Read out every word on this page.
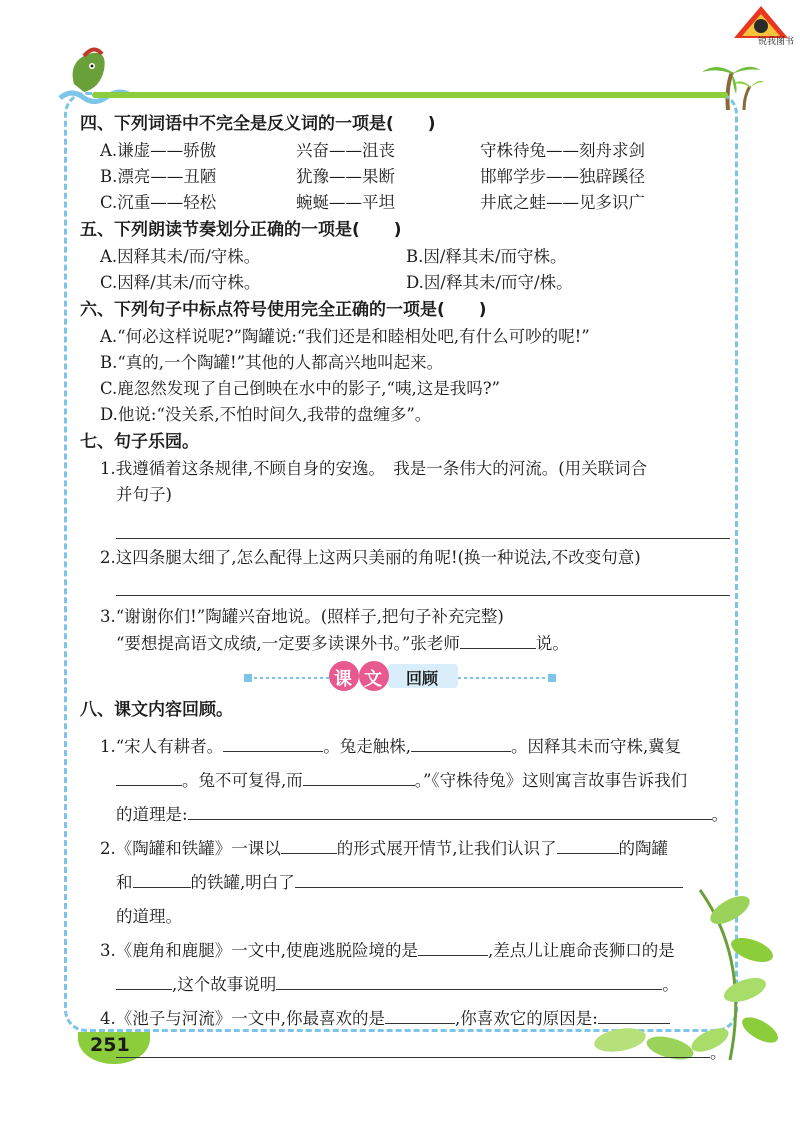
锐我图书
251
四、下列词语中不完全是反义词的一项是(　　)
A.谦虚——骄傲	兴奋——沮丧	守株待兔——刻舟求剑
B.漂亮——丑陋	犹豫——果断	邯郸学步——独辟蹊径
C.沉重——轻松	蜿蜒——平坦	井底之蛙——见多识广
五、下列朗读节奏划分正确的一项是(　　)
A.因释其未/而/守株。	B.因/释其未/而守株。
C.因释/其未/而守株。	D.因/释其未/而守/株。
六、下列句子中标点符号使用完全正确的一项是(　　)
A.“何必这样说呢?”陶罐说:“我们还是和睦相处吧,有什么可吵的呢!”
B.“真的,一个陶罐!”其他的人都高兴地叫起来。
C.鹿忽然发现了自己倒映在水中的影子,“咦,这是我吗?”
D.他说:“没关系,不怕时间久,我带的盘缠多”。
七、句子乐园。
1.我遵循着这条规律,不顾自身的安逸。　我是一条伟大的河流。(用关联词合
并句子)
2.这四条腿太细了,怎么配得上这两只美丽的角呢!(换一种说法,不改变句意)
3.“谢谢你们!”陶罐兴奋地说。(照样子,把句子补充完整)
“要想提高语文成绩,一定要多读课外书。”张老师	说。
课 文 回顾
八、课文内容回顾。
1.“宋人有耕者。	。兔走触株,	。因释其未而守株,冀复
。兔不可复得,而	。”《守株待兔》这则寓言故事告诉我们
的道理是:	。
2.《陶罐和铁罐》一课以	的形式展开情节,让我们认识了	的陶罐
和	的铁罐,明白了
的道理。
3.《鹿角和鹿腿》一文中,使鹿逃脱险境的是	,差点儿让鹿命丧狮口的是
,这个故事说明	。
4.《池子与河流》一文中,你最喜欢的是	,你喜欢它的原因是:
。
